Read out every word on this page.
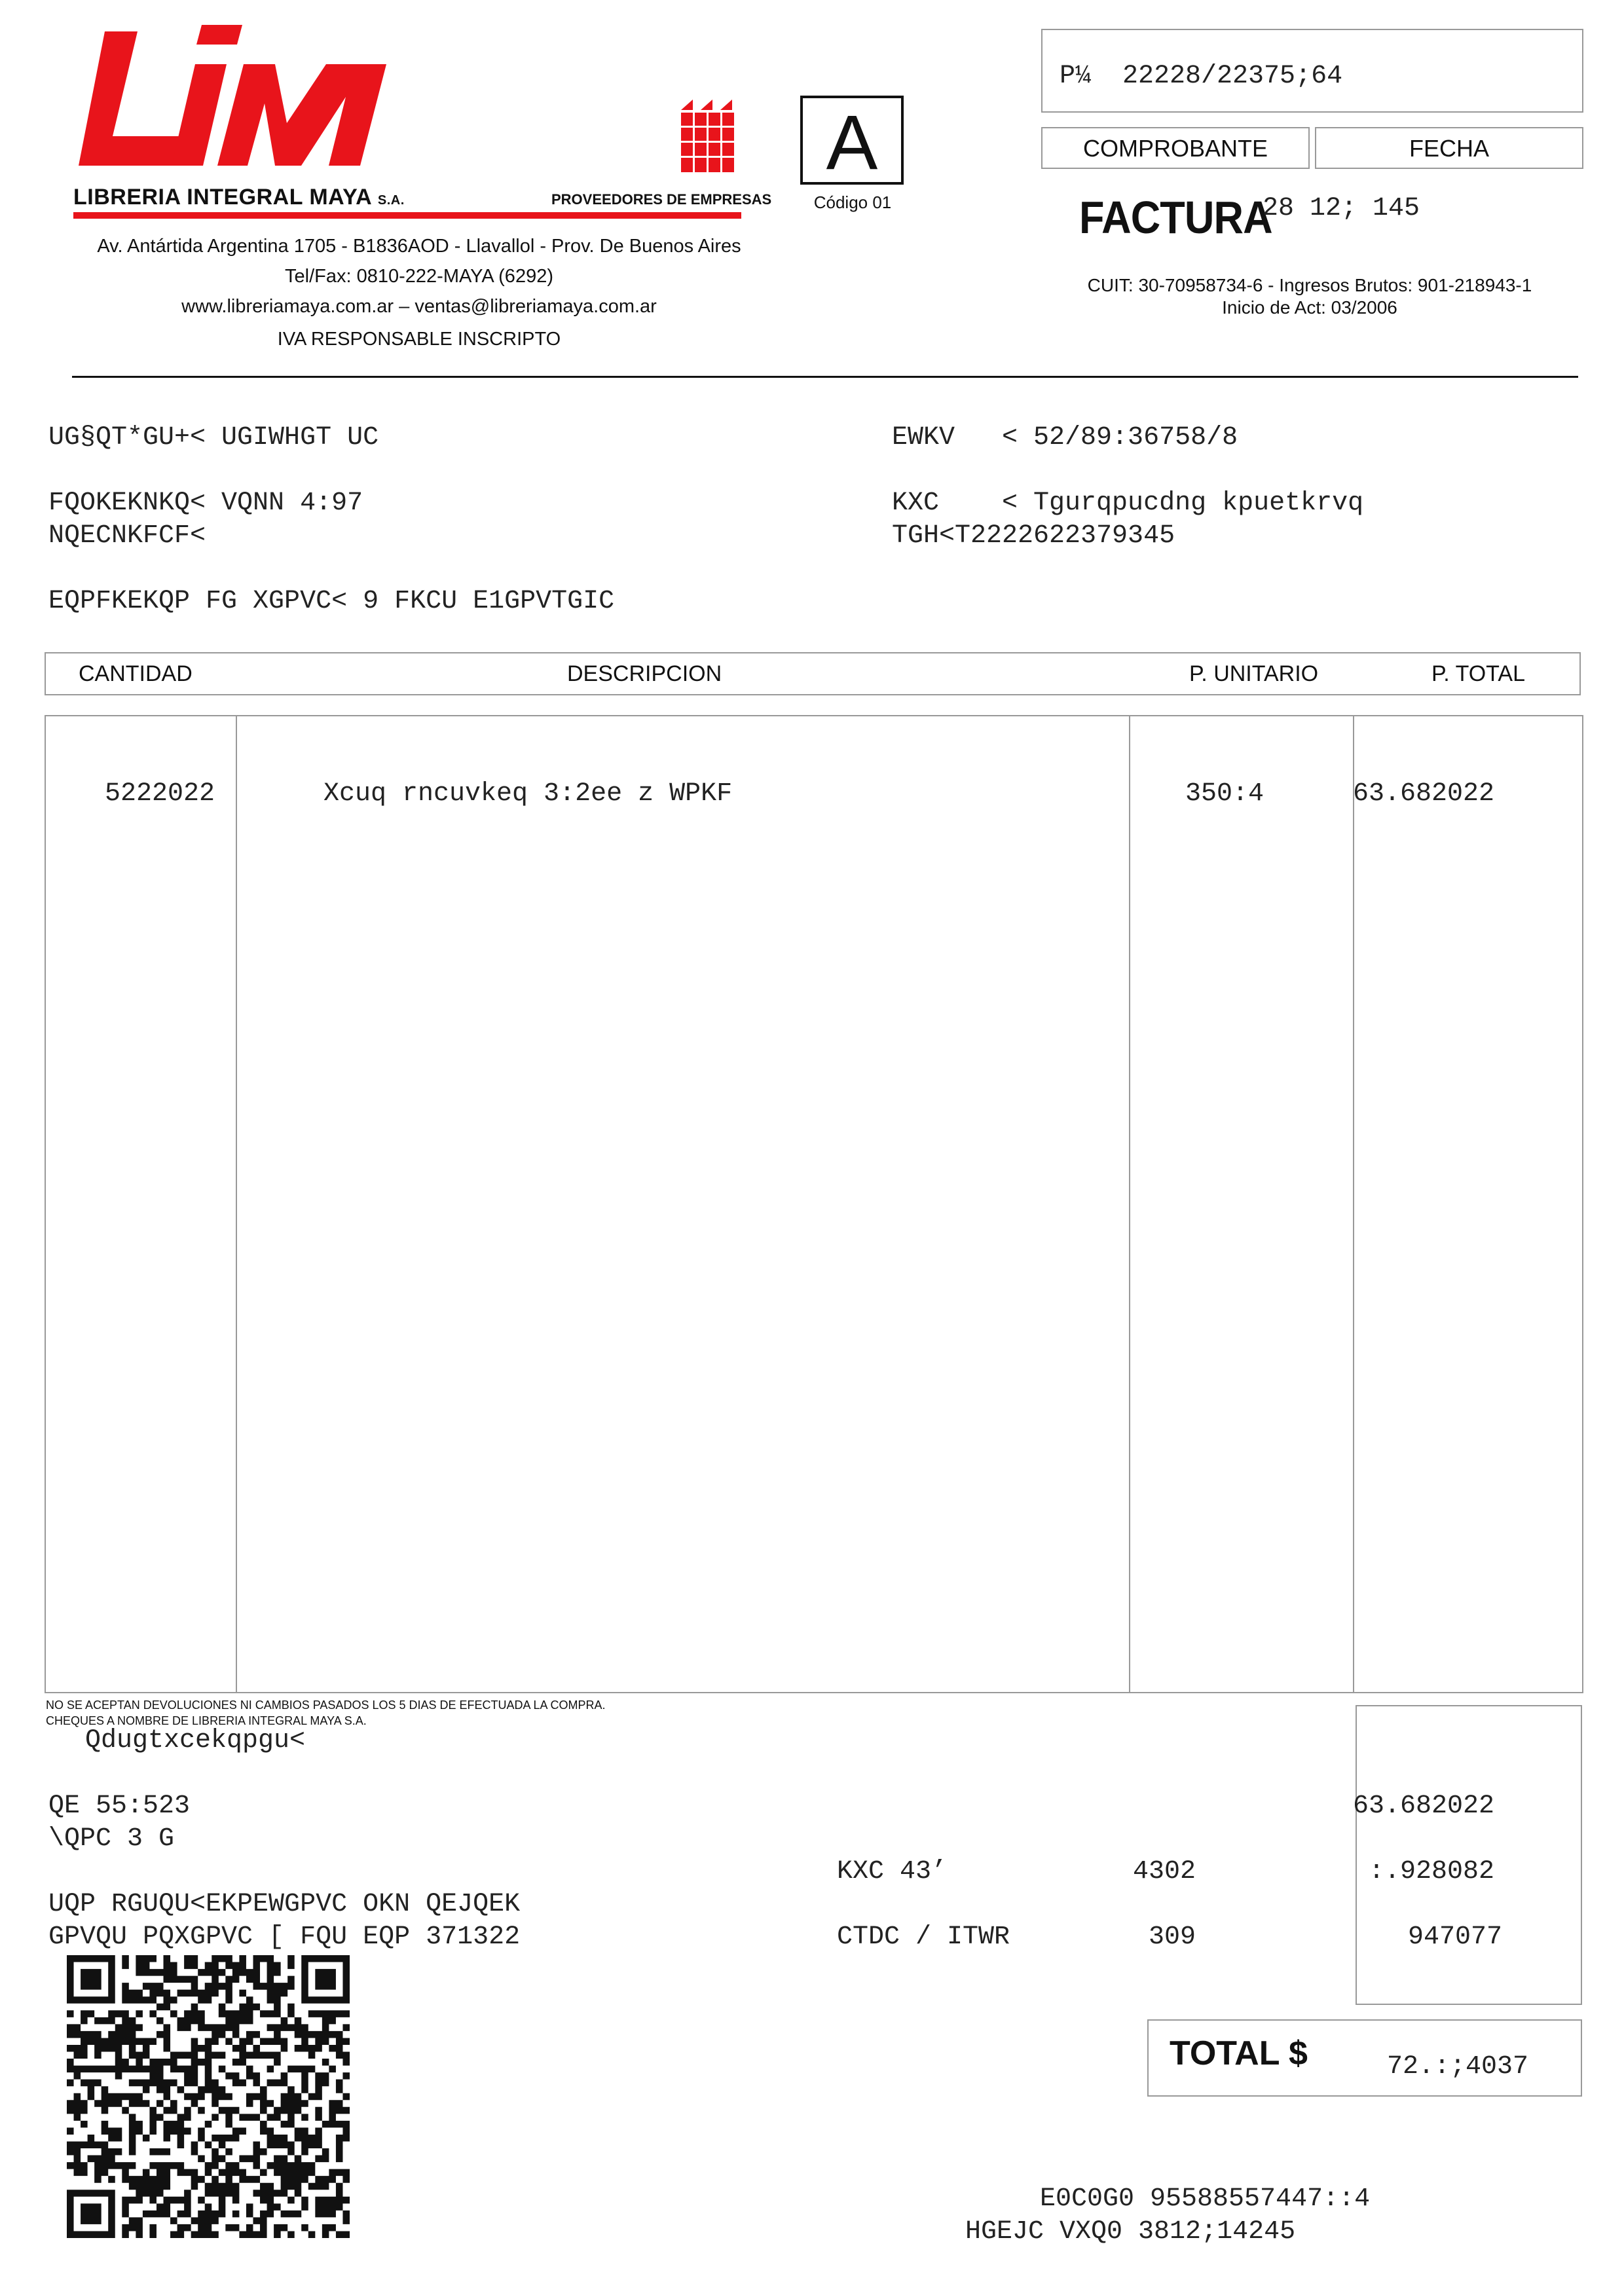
LIBRERIA INTEGRAL MAYA S.A.	PROVEEDORES DE EMPRESAS
Av. Antártida Argentina 1705 - B1836AOD - Llavallol - Prov. De Buenos Aires
Tel/Fax: 0810-222-MAYA (6292)
www.libreriamaya.com.ar – ventas@libreriamaya.com.ar
IVA RESPONSABLE INSCRIPTO
A
Código 01
P¼  22228/22375;64
COMPROBANTE	FECHA
FACTURA
28 12; 145
CUIT: 30-70958734-6 - Ingresos Brutos: 901-218943-1
Inicio de Act: 03/2006
UG§QT*GU+< UGIWHGT UC	EWKV   < 52/89:36758/8
FQOKEKNKQ< VQNN 4:97	KXC    < Tgurqpucdng kpuetkrvq
NQECNKFCF<	TGH<T2222622379345
EQPFKEKQP FG XGPVC< 9 FKCU E1GPVTGIC
CANTIDAD	DESCRIPCION	P. UNITARIO	P. TOTAL
5222022	Xcuq rncuvkeq 3:2ee z WPKF	350:4	63.682022
NO SE ACEPTAN DEVOLUCIONES NI CAMBIOS PASADOS LOS 5 DIAS DE EFECTUADA LA COMPRA.
CHEQUES A NOMBRE DE LIBRERIA INTEGRAL MAYA S.A.
Qdugtxcekqpgu<
QE 55:523
\QPC 3 G
UQP RGUQU<EKPEWGPVC OKN QEJQEK
GPVQU PQXGPVC [ FQU EQP 371322
63.682022
KXC 43’	4302	:.928082
CTDC / ITWR	309	947077
TOTAL $	72.:;4037
E0C0G0 95588557447::4
HGEJC VXQ0 3812;14245
